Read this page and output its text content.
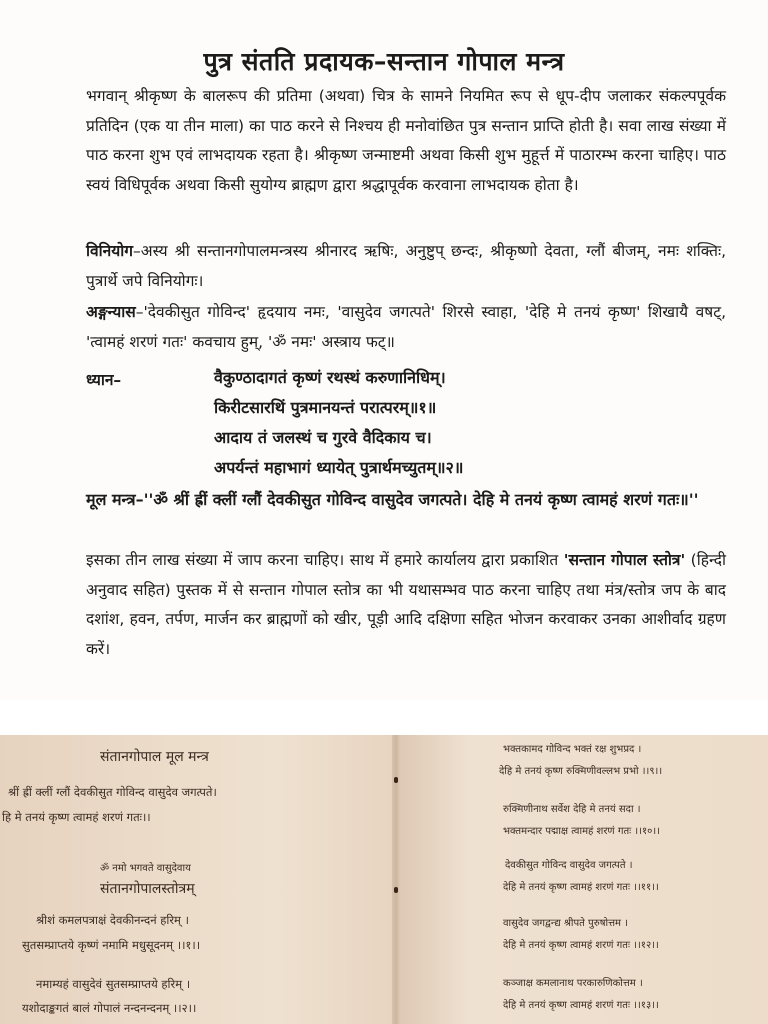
पुत्र संतति प्रदायक–सन्तान गोपाल मन्त्र
भगवान् श्रीकृष्ण के बालरूप की प्रतिमा (अथवा) चित्र के सामने नियमित रूप से धूप-दीप जलाकर संकल्पपूर्वक प्रतिदिन (एक या तीन माला) का पाठ करने से निश्चय ही मनोवांछित पुत्र सन्तान प्राप्ति होती है। सवा लाख संख्या में पाठ करना शुभ एवं लाभदायक रहता है। श्रीकृष्ण जन्माष्टमी अथवा किसी शुभ मुहूर्त्त में पाठारम्भ करना चाहिए। पाठ स्वयं विधिपूर्वक अथवा किसी सुयोग्य ब्राह्मण द्वारा श्रद्धापूर्वक करवाना लाभदायक होता है।
विनियोग–अस्य श्री सन्तानगोपालमन्त्रस्य श्रीनारद ऋषिः, अनुष्टुप् छन्दः, श्रीकृष्णो देवता, ग्लौं बीजम्, नमः शक्तिः, पुत्रार्थे जपे विनियोगः।
अङ्गन्यास–'देवकीसुत गोविन्द' हृदयाय नमः, 'वासुदेव जगत्पते' शिरसे स्वाहा, 'देहि मे तनयं कृष्ण' शिखायै वषट्, 'त्वामहं शरणं गतः' कवचाय हुम्, 'ॐ नमः' अस्त्राय फट्॥
ध्यान–	वैकुण्ठादागतं कृष्णं रथस्थं करुणानिधिम्।
किरीटसारथिं पुत्रमानयन्तं परात्परम्॥१॥
आदाय तं जलस्थं च गुरवे वैदिकाय च।
अपर्यन्तं महाभागं ध्यायेत् पुत्रार्थमच्युतम्॥२॥
मूल मन्त्र–''ॐ श्रीं ह्रीं क्लीं ग्लौं देवकीसुत गोविन्द वासुदेव जगत्पते। देहि मे तनयं कृष्ण त्वामहं शरणं गतः॥''
इसका तीन लाख संख्या में जाप करना चाहिए। साथ में हमारे कार्यालय द्वारा प्रकाशित 'सन्तान गोपाल स्तोत्र' (हिन्दी अनुवाद सहित) पुस्तक में से सन्तान गोपाल स्तोत्र का भी यथासम्भव पाठ करना चाहिए तथा मंत्र/स्तोत्र जप के बाद दशांश, हवन, तर्पण, मार्जन कर ब्राह्मणों को खीर, पूड़ी आदि दक्षिणा सहित भोजन करवाकर उनका आशीर्वाद ग्रहण करें।
संतानगोपाल मूल मन्त्र
श्रीं ह्रीं क्लीं ग्लौं देवकीसुत गोविन्द वासुदेव जगत्पते।
हि मे तनयं कृष्ण त्वामहं शरणं गतः।।
ॐ नमो भगवते वासुदेवाय
संतानगोपालस्तोत्रम्
श्रीशं कमलपत्राक्षं देवकीनन्दनं हरिम् ।
सुतसम्प्राप्तये कृष्णं नमामि मधुसूदनम् ।।१।।
नमाम्यहं वासुदेवं सुतसम्प्राप्तये हरिम् ।
यशोदाङ्कगतं बालं गोपालं नन्दनन्दनम् ।।२।।
भक्तकामद गोविन्द भक्तं रक्ष शुभप्रद ।
देहि मे तनयं कृष्ण रुक्मिणीवल्लभ प्रभो ।।९।।
रुक्मिणीनाथ सर्वेश देहि मे तनयं सदा ।
भक्तमन्दार पद्माक्ष त्वामहं शरणं गतः ।।१०।।
देवकीसुत गोविन्द वासुदेव जगत्पते ।
देहि मे तनयं कृष्ण त्वामहं शरणं गतः ।।११।।
वासुदेव जगद्वन्द्य श्रीपते पुरुषोत्तम ।
देहि मे तनयं कृष्ण त्वामहं शरणं गतः ।।१२।।
कञ्जाक्ष कमलानाथ परकारुणिकोत्तम ।
देहि मे तनयं कृष्ण त्वामहं शरणं गतः ।।१३।।
